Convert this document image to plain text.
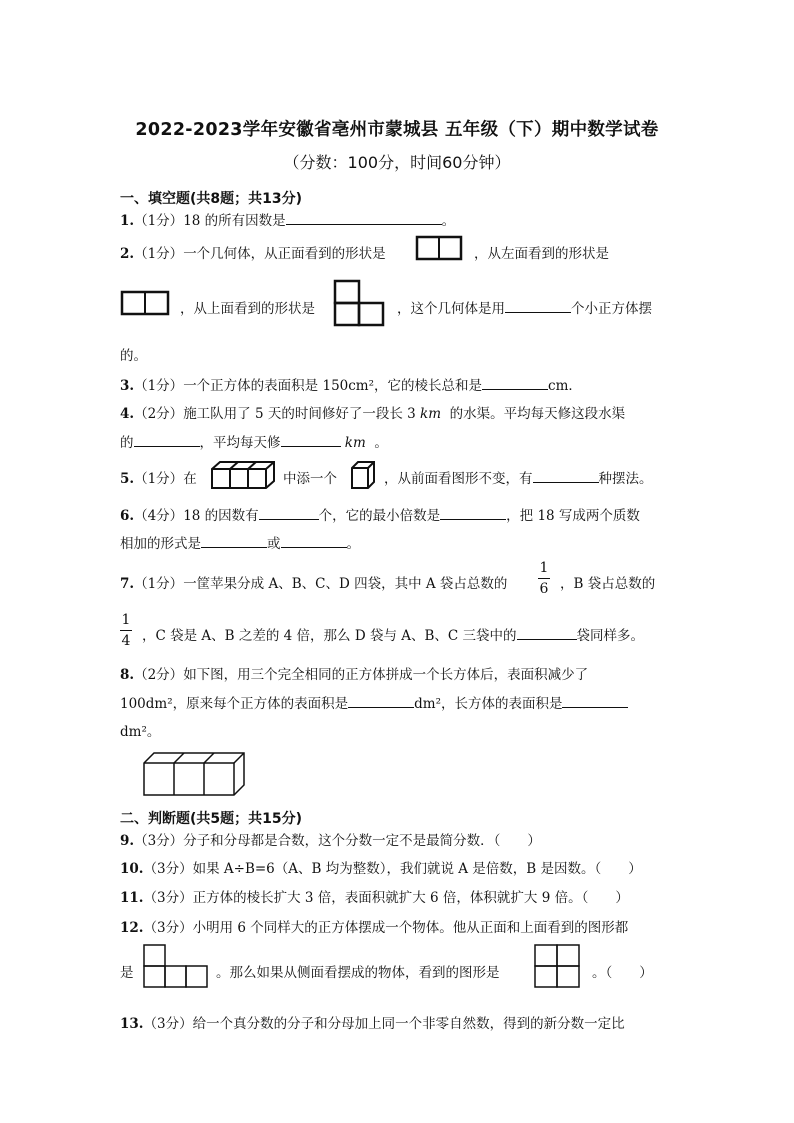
2022-2023学年安徽省亳州市蒙城县 五年级（下）期中数学试卷
（分数：100分，时间60分钟）
一、填空题(共8题；共13分)
1.（1分）18 的所有因数是	。
2.（1分）一个几何体，从正面看到的形状是	，从左面看到的形状是
，从上面看到的形状是	，这个几何体是用	个小正方体摆
的。
3.（1分）一个正方体的表面积是 150cm²，它的棱长总和是	cm．
4.（2分）施工队用了 5 天的时间修好了一段长 3 km 的水渠。平均每天修这段水渠
的	，平均每天修	km 。
5.（1分）在	中添一个	，从前面看图形不变，有	种摆法。
6.（4分）18 的因数有	个，它的最小倍数是	，把 18 写成两个质数
相加的形式是	或	。
7.（1分）一筐苹果分成 A、B、C、D 四袋，其中 A 袋占总数的
1
6 ，B 袋占总数的
1
4 ，C 袋是 A、B 之差的 4 倍，那么 D 袋与 A、B、C 三袋中的	袋同样多。
8.（2分）如下图，用三个完全相同的正方体拼成一个长方体后，表面积减少了
100dm²，原来每个正方体的表面积是	dm²，长方体的表面积是
dm²。
二、判断题(共5题；共15分)
9.（3分）分子和分母都是合数，这个分数一定不是最简分数．（　　）
10.（3分）如果 A÷B=6（A、B 均为整数），我们就说 A 是倍数，B 是因数。（　　）
11.（3分）正方体的棱长扩大 3 倍，表面积就扩大 6 倍，体积就扩大 9 倍。（　　）
12.（3分）小明用 6 个同样大的正方体摆成一个物体。他从正面和上面看到的图形都
是	。那么如果从侧面看摆成的物体，看到的图形是	。（　　）
13.（3分）给一个真分数的分子和分母加上同一个非零自然数，得到的新分数一定比
